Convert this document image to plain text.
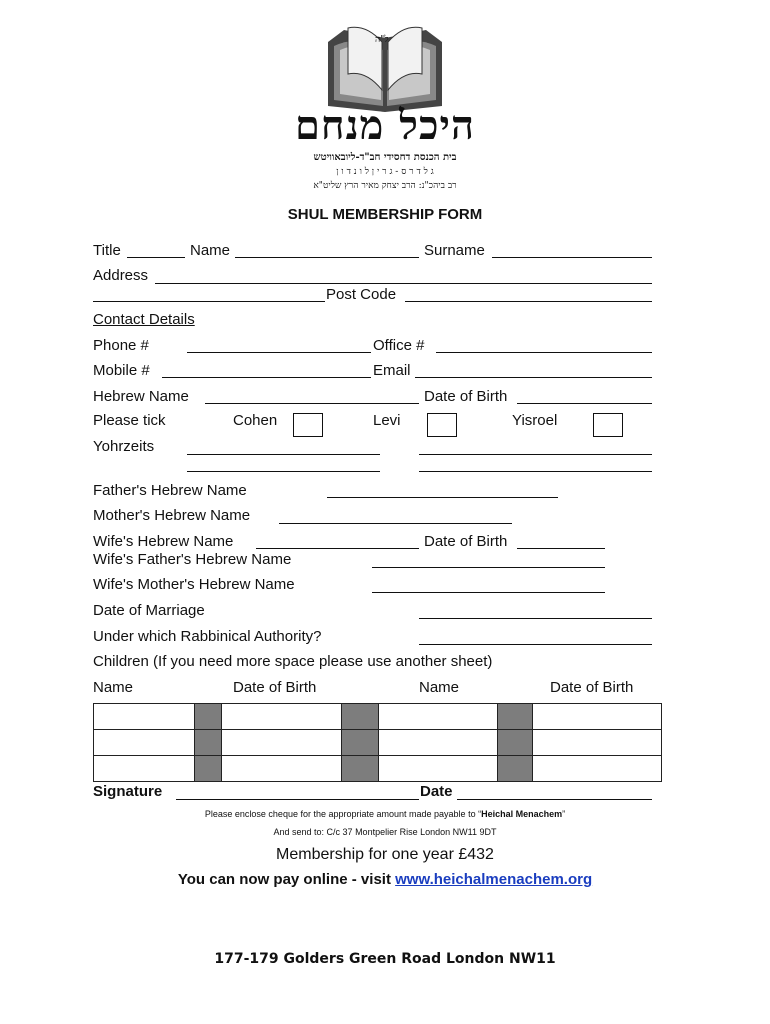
ל"ה
היכל מנחם
בית הכנסת דחסידי חב"ד-ליובאוויטש
ג ל ד ר ס - ג ר י ן ל ו נ ד ו ן
רב ביהכ"נ: הרב יצחק מאיר הרץ שליט"א
SHUL MEMBERSHIP FORM
Title	Name	Surname
Address
Post Code
Contact Details
Phone #	Office #
Mobile #	Email
Hebrew Name	Date of Birth
Please tick	Cohen	Levi	Yisroel
Yohrzeits
Father's Hebrew Name
Mother's Hebrew Name
Wife's Hebrew Name	Date of Birth
Wife's Father's Hebrew Name
Wife's Mother's Hebrew Name
Date of Marriage
Under which Rabbinical Authority?
Children (If you need more space please use another sheet)
Name	Date of Birth	Name	Date of Birth

Signature	Date
Please enclose cheque for the appropriate amount made payable to “Heichal Menachem”
And send to: C/c 37 Montpelier Rise London NW11 9DT
Membership for one year £432
You can now pay online - visit www.heichalmenachem.org
177-179 Golders Green Road London NW11
